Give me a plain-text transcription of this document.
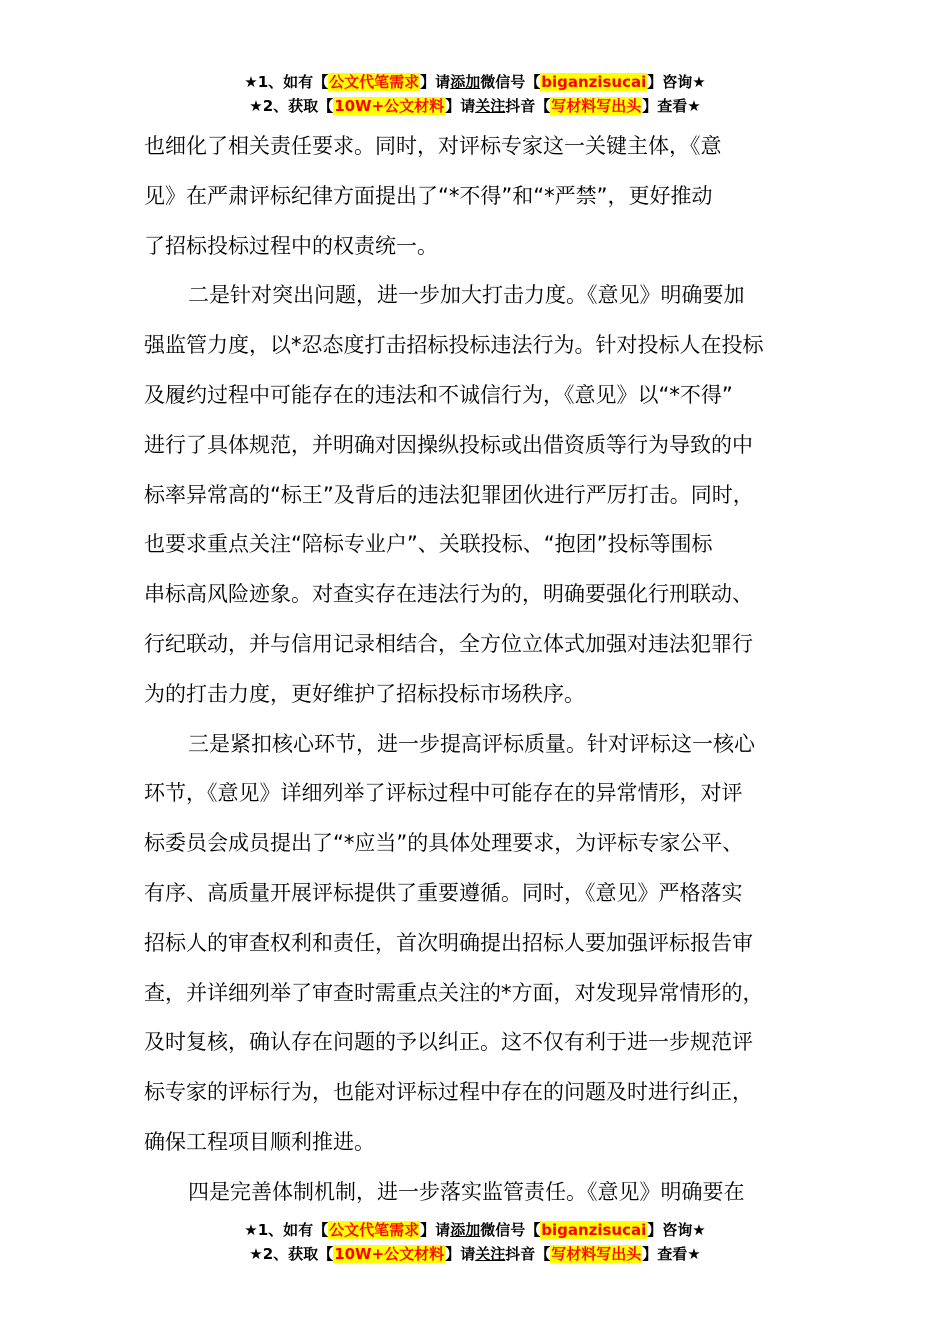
★1、如有【公文代笔需求】请添加微信号【biganzisucai】咨询★
★2、获取【10W+公文材料】请关注抖音【写材料写出头】查看★
也细化了相关责任要求。同时，对评标专家这一关键主体，《意
见》在严肃评标纪律方面提出了“*不得”和“*严禁”，更好推动
了招标投标过程中的权责统一。
二是针对突出问题，进一步加大打击力度。《意见》明确要加
强监管力度，以*忍态度打击招标投标违法行为。针对投标人在投标
及履约过程中可能存在的违法和不诚信行为，《意见》以“*不得”
进行了具体规范，并明确对因操纵投标或出借资质等行为导致的中
标率异常高的“标王”及背后的违法犯罪团伙进行严厉打击。同时，
也要求重点关注“陪标专业户”、关联投标、“抱团”投标等围标
串标高风险迹象。对查实存在违法行为的，明确要强化行刑联动、
行纪联动，并与信用记录相结合，全方位立体式加强对违法犯罪行
为的打击力度，更好维护了招标投标市场秩序。
三是紧扣核心环节，进一步提高评标质量。针对评标这一核心
环节，《意见》详细列举了评标过程中可能存在的异常情形，对评
标委员会成员提出了“*应当”的具体处理要求，为评标专家公平、
有序、高质量开展评标提供了重要遵循。同时，《意见》严格落实
招标人的审查权利和责任，首次明确提出招标人要加强评标报告审
查，并详细列举了审查时需重点关注的*方面，对发现异常情形的，
及时复核，确认存在问题的予以纠正。这不仅有利于进一步规范评
标专家的评标行为，也能对评标过程中存在的问题及时进行纠正，
确保工程项目顺利推进。
四是完善体制机制，进一步落实监管责任。《意见》明确要在
★1、如有【公文代笔需求】请添加微信号【biganzisucai】咨询★
★2、获取【10W+公文材料】请关注抖音【写材料写出头】查看★
